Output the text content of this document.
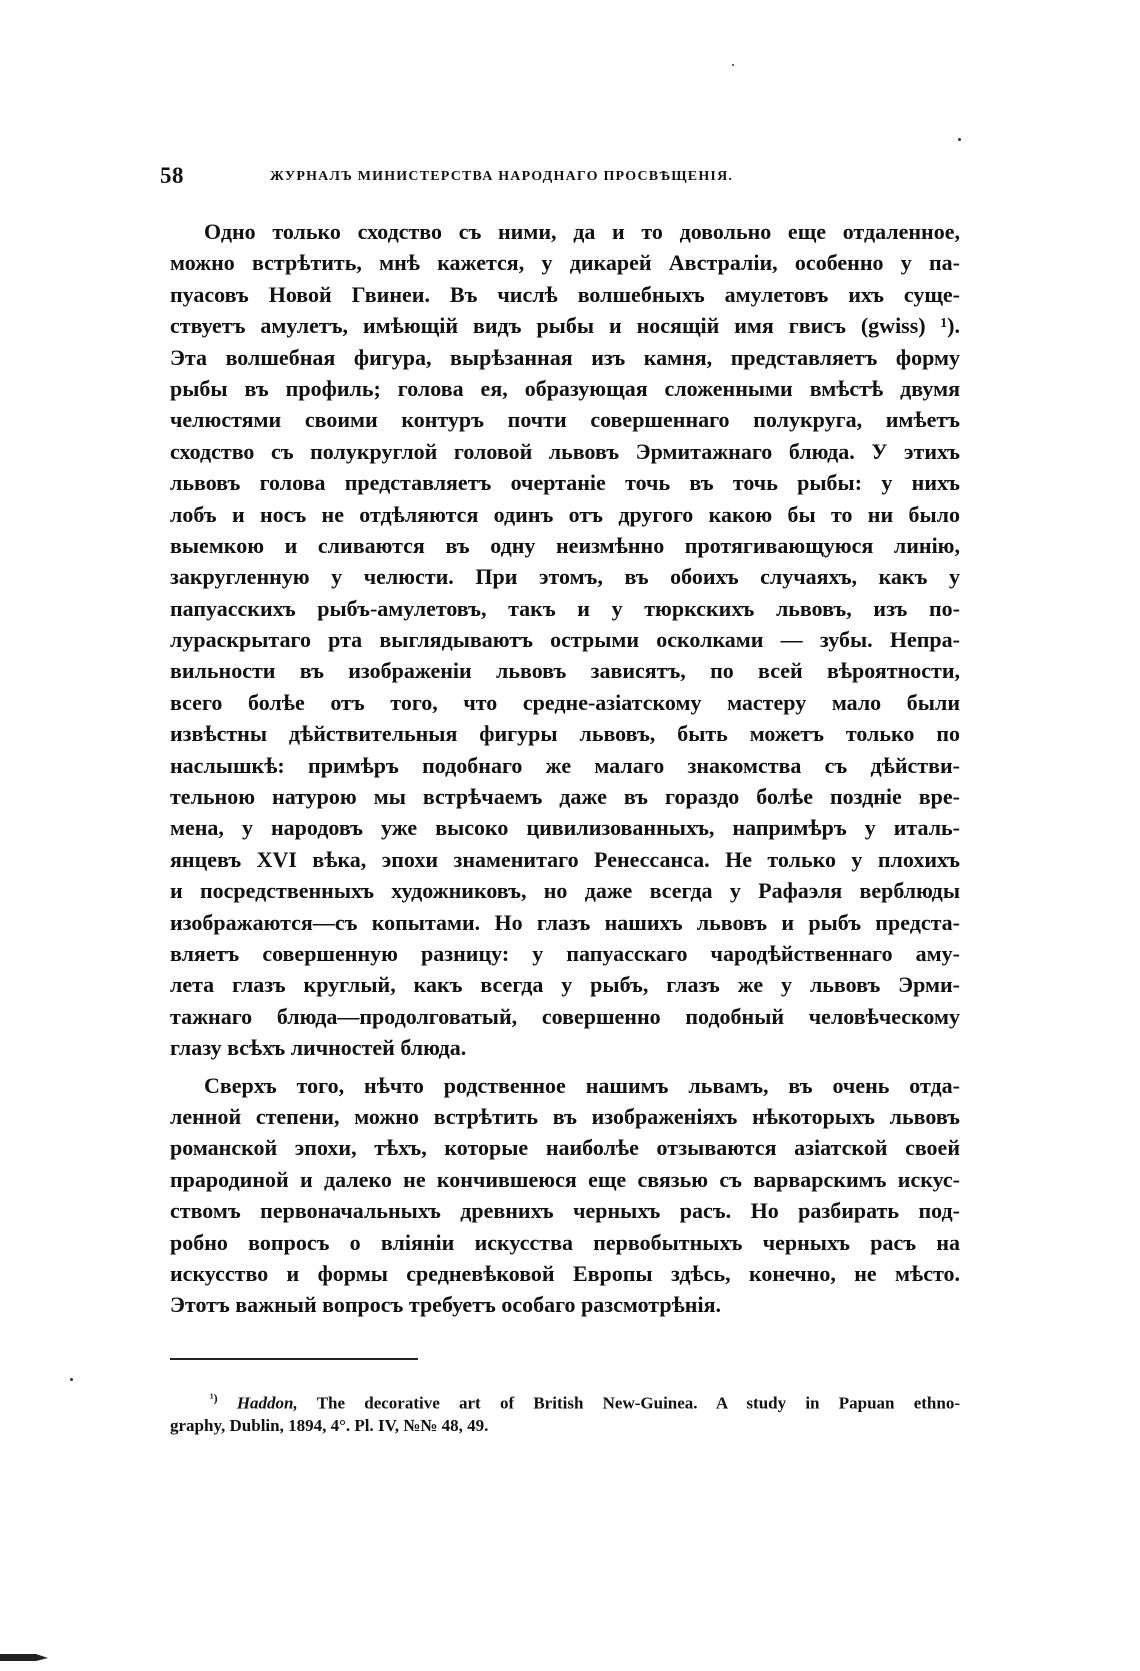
58	ЖУРНАЛЪ МИНИСТЕРСТВА НАРОДНАГО ПРОСВѢЩЕНІЯ.
Одно только сходство съ ними, да и то довольно еще отдаленное,
можно встрѣтить, мнѣ кажется, у дикарей Австраліи, особенно у па-
пуасовъ Новой Гвинеи. Въ числѣ волшебныхъ амулетовъ ихъ суще-
ствуетъ амулетъ, имѣющій видъ рыбы и носящій имя гвисъ (gwiss) ¹).
Эта волшебная фигура, вырѣзанная изъ камня, представляетъ форму
рыбы въ профиль; голова ея, образующая сложенными вмѣстѣ двумя
челюстями своими контуръ почти совершеннаго полукруга, имѣетъ
сходство съ полукруглой головой львовъ Эрмитажнаго блюда. У этихъ
львовъ голова представляетъ очертаніе точь въ точь рыбы: у нихъ
лобъ и носъ не отдѣляются одинъ отъ другого какою бы то ни было
выемкою и сливаются въ одну неизмѣнно протягивающуюся линію,
закругленную у челюсти. При этомъ, въ обоихъ случаяхъ, какъ у
папуасскихъ рыбъ-амулетовъ, такъ и у тюркскихъ львовъ, изъ по-
лураскрытаго рта выглядываютъ острыми осколками — зубы. Непра-
вильности въ изображеніи львовъ зависятъ, по всей вѣроятности,
всего болѣе отъ того, что средне-азіатскому мастеру мало были
извѣстны дѣйствительныя фигуры львовъ, быть можетъ только по
наслышкѣ: примѣръ подобнаго же малаго знакомства съ дѣйстви-
тельною натурою мы встрѣчаемъ даже въ гораздо болѣе поздніе вре-
мена, у народовъ уже высоко цивилизованныхъ, напримѣръ у италь-
янцевъ XVI вѣка, эпохи знаменитаго Ренессанса. Не только у плохихъ
и посредственныхъ художниковъ, но даже всегда у Рафаэля верблюды
изображаются—съ копытами. Но глазъ нашихъ львовъ и рыбъ предста-
вляетъ совершенную разницу: у папуасскаго чародѣйственнаго аму-
лета глазъ круглый, какъ всегда у рыбъ, глазъ же у львовъ Эрми-
тажнаго блюда—продолговатый, совершенно подобный человѣческому
глазу всѣхъ личностей блюда.
Сверхъ того, нѣчто родственное нашимъ львамъ, въ очень отда-
ленной степени, можно встрѣтить въ изображеніяхъ нѣкоторыхъ львовъ
романской эпохи, тѣхъ, которые наиболѣе отзываются азіатской своей
прародиной и далеко не кончившеюся еще связью съ варварскимъ искус-
ствомъ первоначальныхъ древнихъ черныхъ расъ. Но разбирать под-
робно вопросъ о вліяніи искусства первобытныхъ черныхъ расъ на
искусство и формы средневѣковой Европы здѣсь, конечно, не мѣсто.
Этотъ важный вопросъ требуетъ особаго разсмотрѣнія.
$^{^1)}$ Haddon, The decorative art of British New-Guinea. A study in Papuan ethno-
graphy, Dublin, 1894, 4°. Pl. IV, №№ 48, 49.
